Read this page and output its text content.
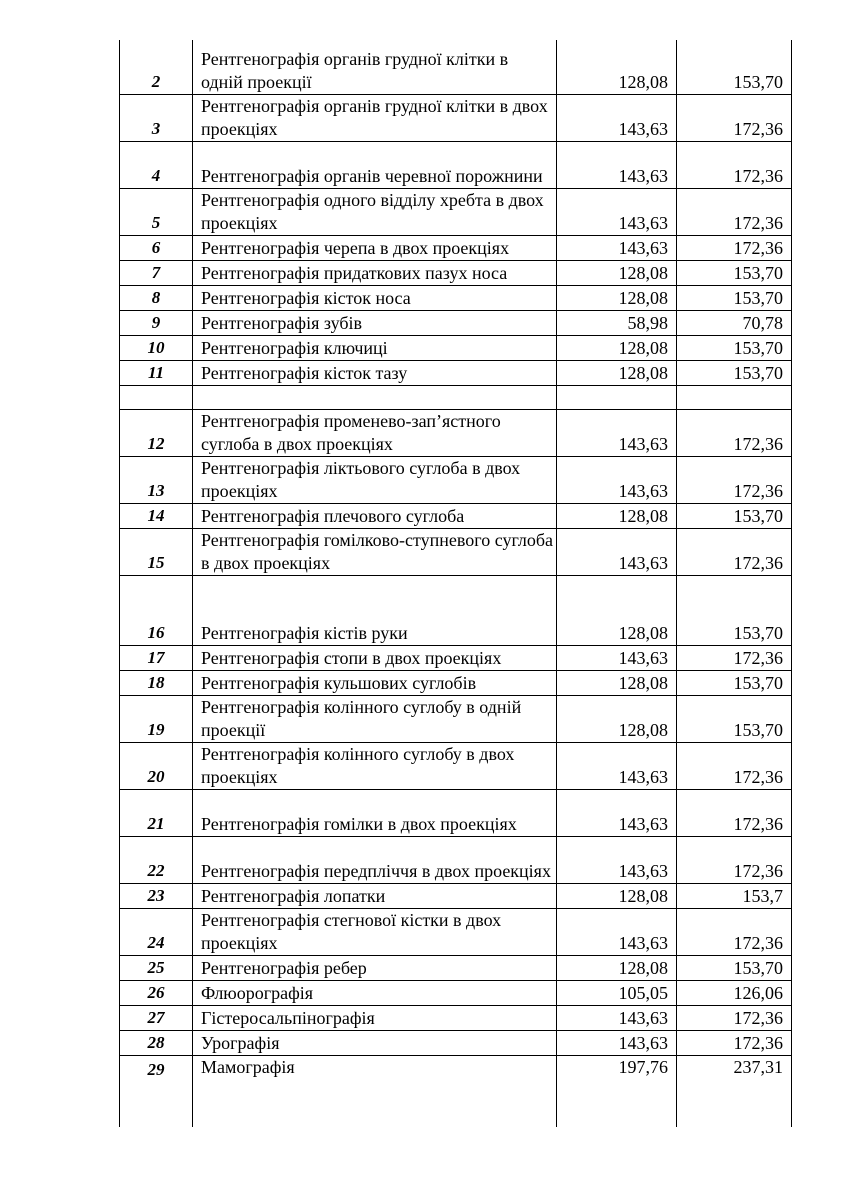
2	Рентгенографія органів грудної клітки в одній проекції	128,08	153,70
3	Рентгенографія органів грудної клітки в двох проекціях	143,63	172,36
4	Рентгенографія органів черевної порожнини	143,63	172,36
5	Рентгенографія одного відділу хребта в двох проекціях	143,63	172,36
6	Рентгенографія черепа в двох проекціях	143,63	172,36
7	Рентгенографія придаткових пазух носа	128,08	153,70
8	Рентгенографія кісток носа	128,08	153,70
9	Рентгенографія зубів	58,98	70,78
10	Рентгенографія ключиці	128,08	153,70
11	Рентгенографія кісток тазу	128,08	153,70

12	Рентгенографія променево-зап’ястного суглоба в двох проекціях	143,63	172,36
13	Рентгенографія ліктьового суглоба в двох проекціях	143,63	172,36
14	Рентгенографія плечового суглоба	128,08	153,70
15	Рентгенографія гомілково-ступневого суглоба в двох проекціях	143,63	172,36
16	Рентгенографія кістів руки	128,08	153,70
17	Рентгенографія стопи в двох проекціях	143,63	172,36
18	Рентгенографія кульшових суглобів	128,08	153,70
19	Рентгенографія колінного суглобу в одній проекції	128,08	153,70
20	Рентгенографія колінного суглобу в двох проекціях	143,63	172,36
21	Рентгенографія гомілки в двох проекціях	143,63	172,36
22	Рентгенографія передпліччя в двох проекціях	143,63	172,36
23	Рентгенографія лопатки	128,08	153,7
24	Рентгенографія стегнової кістки в двох проекціях	143,63	172,36
25	Рентгенографія ребер	128,08	153,70
26	Флюорографія	105,05	126,06
27	Гістеросальпінографія	143,63	172,36
28	Урографія	143,63	172,36
29	Мамографія	197,76	237,31
